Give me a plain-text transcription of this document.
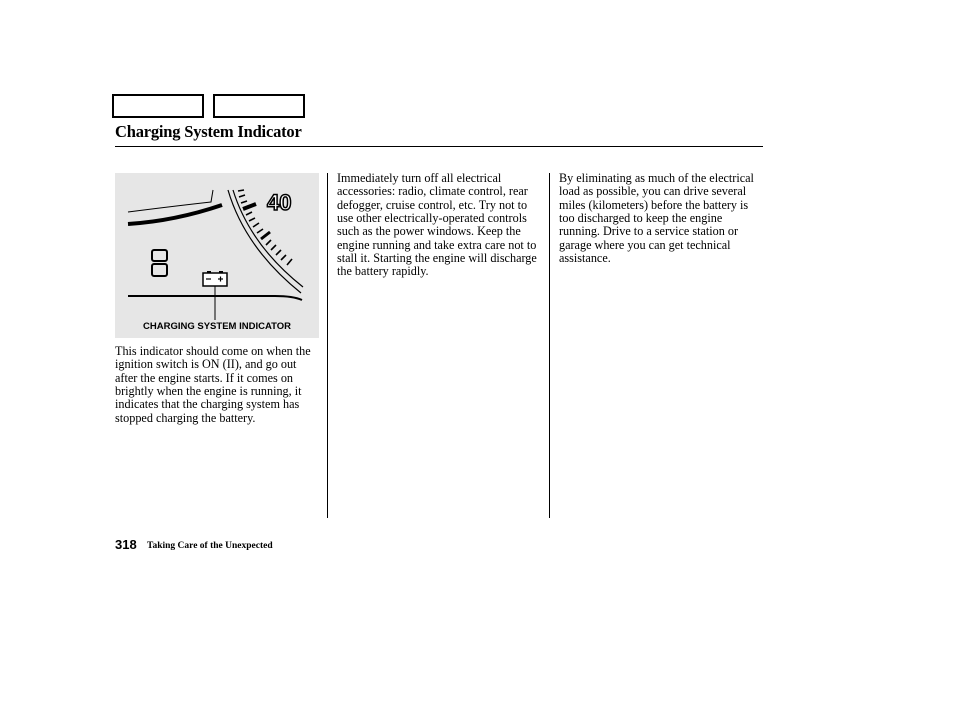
Charging System Indicator
40
CHARGING SYSTEM INDICATOR

This indicator should come on when the ignition switch is ON (II), and go out after the engine starts. If it comes on brightly when the engine is running, it indicates that the charging system has stopped charging the battery.

Immediately turn off all electrical accessories: radio, climate control, rear defogger, cruise control, etc. Try not to use other electrically-operated controls such as the power windows. Keep the engine running and take extra care not to stall it. Starting the engine will discharge the battery rapidly.

By eliminating as much of the electrical load as possible, you can drive several miles (kilometers) before the battery is too discharged to keep the engine running. Drive to a service station or garage where you can get technical assistance.

318 Taking Care of the Unexpected
